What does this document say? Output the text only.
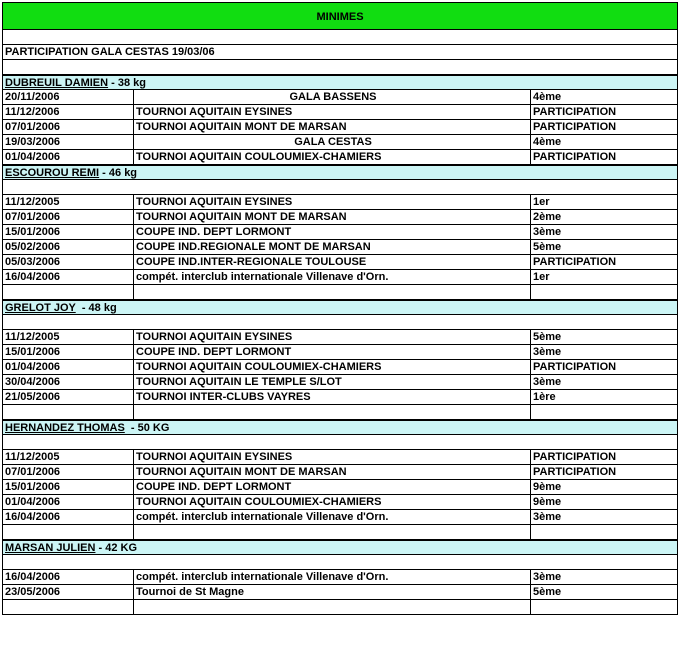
MINIMES
PARTICIPATION GALA CESTAS 19/03/06
DUBREUIL DAMIEN - 38 kg
20/11/2006	GALA BASSENS	4ème
11/12/2006	TOURNOI AQUITAIN EYSINES	PARTICIPATION
07/01/2006	TOURNOI AQUITAIN MONT DE MARSAN	PARTICIPATION
19/03/2006	GALA CESTAS	4ème
01/04/2006	TOURNOI AQUITAIN COULOUMIEX-CHAMIERS	PARTICIPATION
ESCOUROU REMI - 46 kg
11/12/2005	TOURNOI AQUITAIN EYSINES	1er
07/01/2006	TOURNOI AQUITAIN MONT DE MARSAN	2ème
15/01/2006	COUPE IND. DEPT LORMONT	3ème
05/02/2006	COUPE IND.REGIONALE MONT DE MARSAN	5ème
05/03/2006	COUPE IND.INTER-REGIONALE TOULOUSE	PARTICIPATION
16/04/2006	compét. interclub internationale Villenave d'Orn.	1er
GRELOT JOY  - 48 kg
11/12/2005	TOURNOI AQUITAIN EYSINES	5ème
15/01/2006	COUPE IND. DEPT LORMONT	3ème
01/04/2006	TOURNOI AQUITAIN COULOUMIEX-CHAMIERS	PARTICIPATION
30/04/2006	TOURNOI AQUITAIN LE TEMPLE S/LOT	3ème
21/05/2006	TOURNOI INTER-CLUBS VAYRES	1ère
HERNANDEZ THOMAS  - 50 KG
11/12/2005	TOURNOI AQUITAIN EYSINES	PARTICIPATION
07/01/2006	TOURNOI AQUITAIN MONT DE MARSAN	PARTICIPATION
15/01/2006	COUPE IND. DEPT LORMONT	9ème
01/04/2006	TOURNOI AQUITAIN COULOUMIEX-CHAMIERS	9ème
16/04/2006	compét. interclub internationale Villenave d'Orn.	3ème
MARSAN JULIEN - 42 KG
16/04/2006	compét. interclub internationale Villenave d'Orn.	3ème
23/05/2006	Tournoi de St Magne	5ème
